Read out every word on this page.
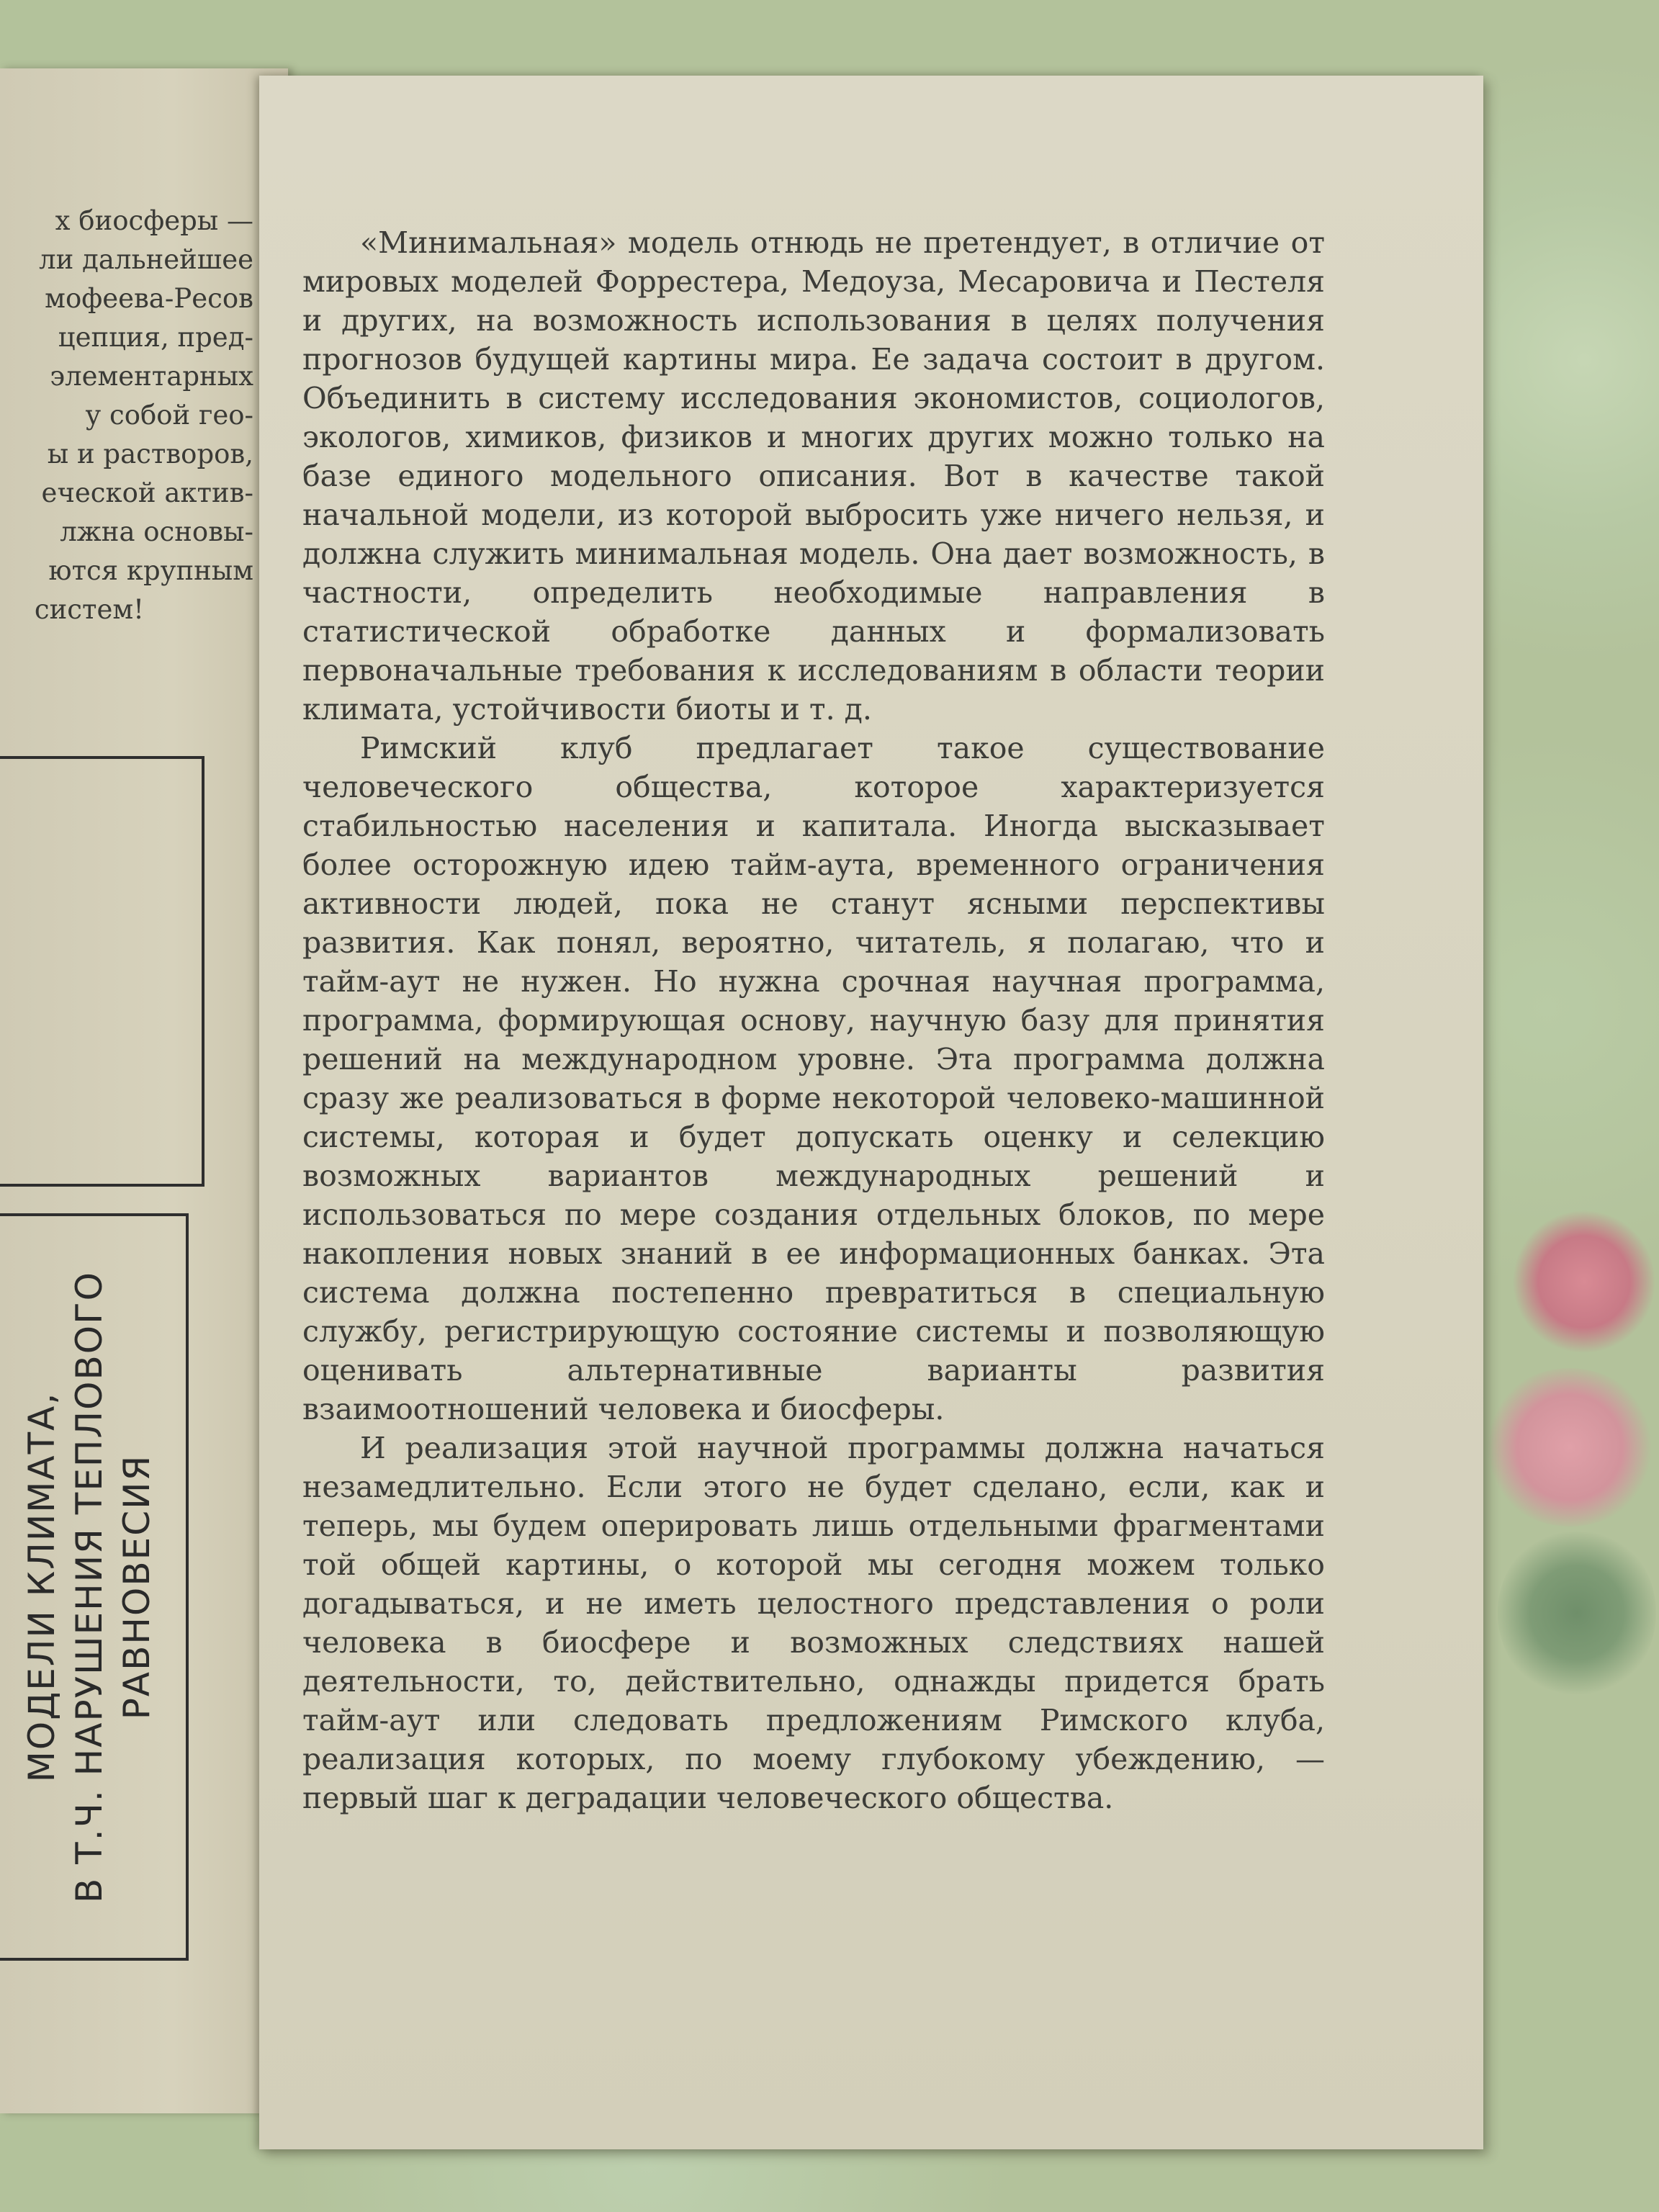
х биосферы —
ли дальнейшее
мофеева-Ресов
цепция, пред-
элементарных
у собой гео-
ы и растворов,
еческой актив-
лжна основы-
ются крупным
систем!
МОДЕЛИ КЛИМАТА, В Т.Ч. НАРУШЕНИЯ ТЕПЛОВОГО РАВНОВЕСИЯ

«Минимальная» модель отнюдь не претендует, в отличие от мировых моделей Форрестера, Медоуза, Месаровича и Пестеля и других, на возможность использования в целях получения прогнозов будущей картины мира. Ее задача состоит в другом. Объединить в систему исследования экономистов, социологов, экологов, химиков, физиков и многих других можно только на базе единого модельного описания. Вот в качестве такой начальной модели, из которой выбросить уже ничего нельзя, и должна служить минимальная модель. Она дает возможность, в частности, определить необходимые направления в статистической обработке данных и формализовать первоначальные требования к исследованиям в области теории климата, устойчивости биоты и т. д.

Римский клуб предлагает такое существование человеческого общества, которое характеризуется стабильностью населения и капитала. Иногда высказывает более осторожную идею тайм-аута, временного ограничения активности людей, пока не станут ясными перспективы развития. Как понял, вероятно, читатель, я полагаю, что и тайм-аут не нужен. Но нужна срочная научная программа, программа, формирующая основу, научную базу для принятия решений на международном уровне. Эта программа должна сразу же реализоваться в форме некоторой человеко-машинной системы, которая и будет допускать оценку и селекцию возможных вариантов международных решений и использоваться по мере создания отдельных блоков, по мере накопления новых знаний в ее информационных банках. Эта система должна постепенно превратиться в специальную службу, регистрирующую состояние системы и позволяющую оценивать альтернативные варианты развития взаимоотношений человека и биосферы.

И реализация этой научной программы должна начаться незамедлительно. Если этого не будет сделано, если, как и теперь, мы будем оперировать лишь отдельными фрагментами той общей картины, о которой мы сегодня можем только догадываться, и не иметь целостного представления о роли человека в биосфере и возможных следствиях нашей деятельности, то, действительно, однажды придется брать тайм-аут или следовать предложениям Римского клуба, реализация которых, по моему глубокому убеждению, — первый шаг к деградации человеческого общества.
